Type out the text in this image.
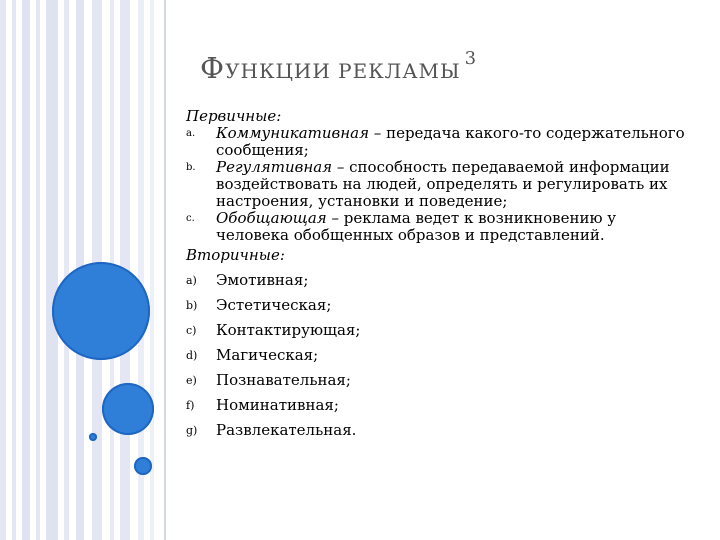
ФУНКЦИИ РЕКЛАМЫ$^3$

Первичные:

a.	Коммуникативная – передача какого-то содержательного сообщения;
b.	Регулятивная – способность передаваемой информации воздействовать на людей, определять и регулировать их настроения, установки и поведение;
c.	Обобщающая – реклама ведет к возникновению у человека обобщенных образов и представлений.

Вторичные:

a)	Эмотивная;
b)	Эстетическая;
c)	Контактирующая;
d)	Магическая;
e)	Познавательная;
f)	Номинативная;
g)	Развлекательная.
